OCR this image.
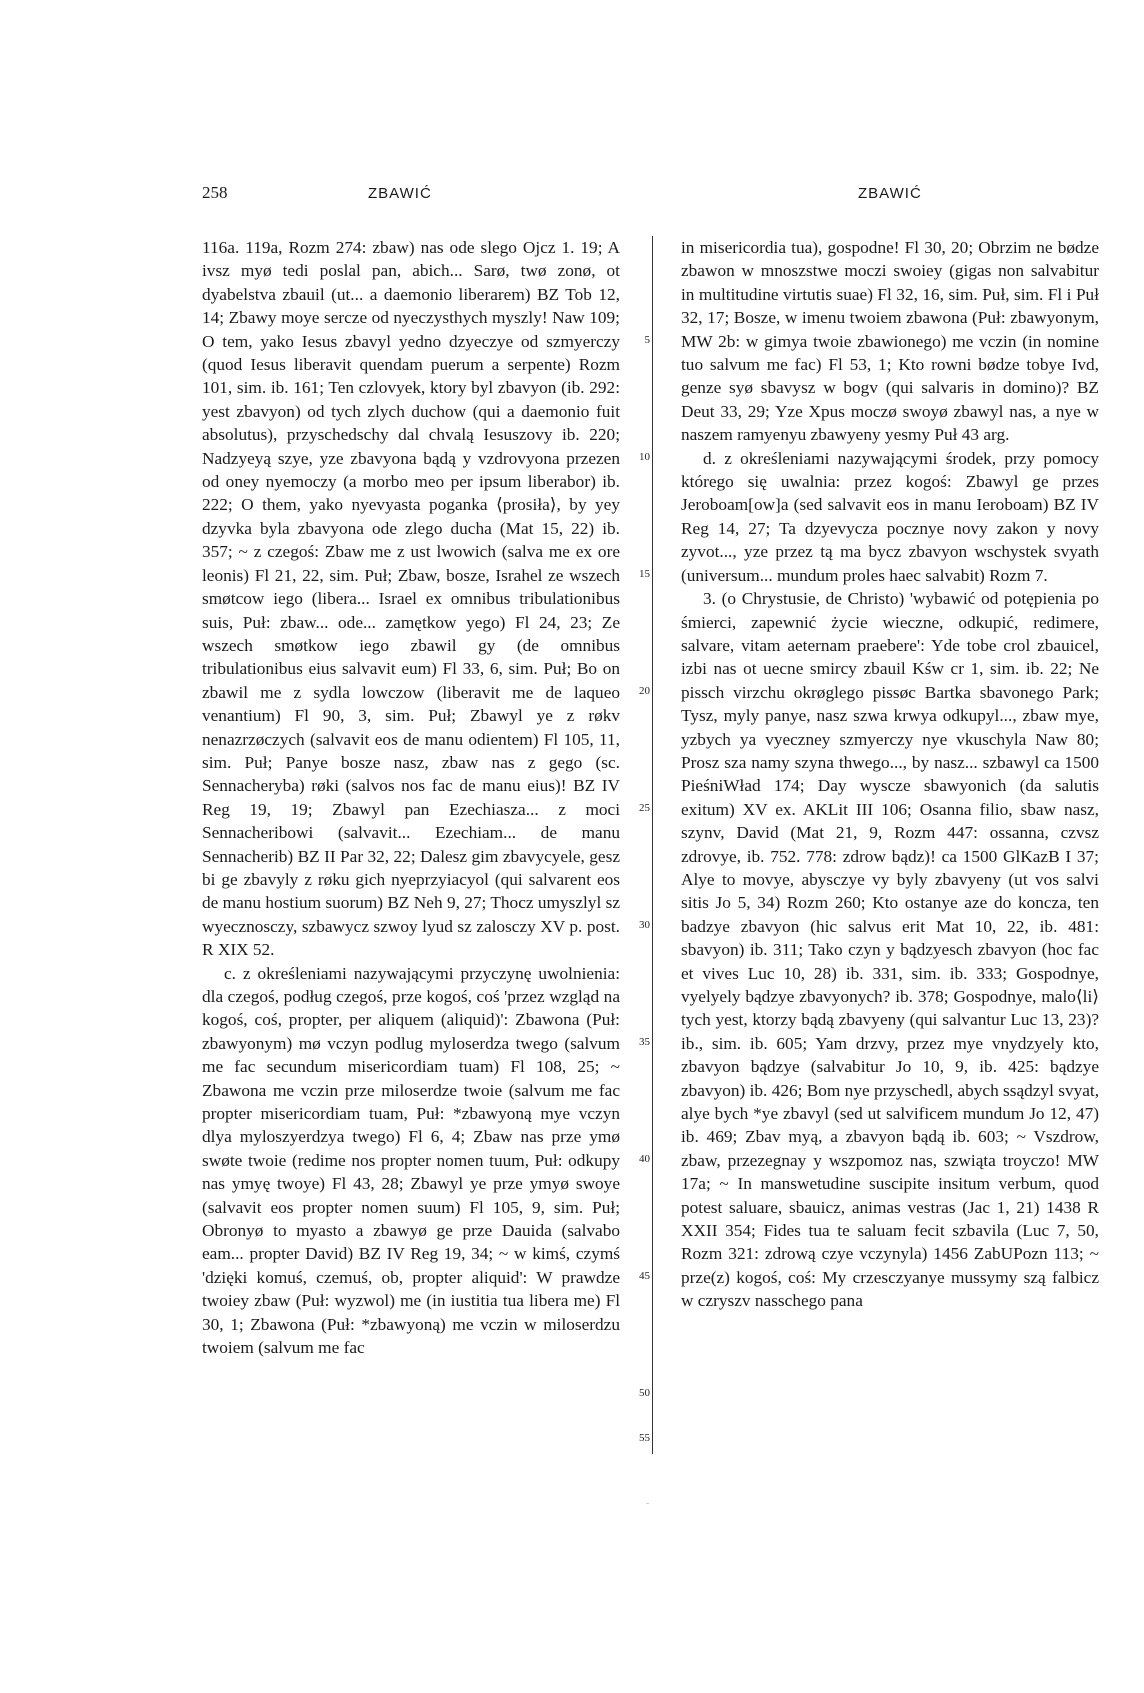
258	ZBAWIĆ	ZBAWIĆ

116a. 119a, Rozm 274: zbaw) nas ode slego Ojcz 1. 19; A ivsz myø tedi poslal pan, abich... Sarø, twø zonø, ot dyabelstva zbauil (ut... a daemonio liberarem) BZ Tob 12, 14; Zbawy moye sercze od nyeczysthych myszly! Naw 109; O tem, yako Iesus zbavyl yedno dzyeczye od szmyerczy (quod Iesus liberavit quendam puerum a serpente) Rozm 101, sim. ib. 161; Ten czlovyek, ktory byl zbavyon (ib. 292: yest zbavyon) od tych zlych duchow (qui a daemonio fuit absolutus), przyschedschy dal chvalą Iesuszovy ib. 220; Nadzyeyą szye, yze zbavyona bądą y vzdrovyona przezen od oney nyemoczy (a morbo meo per ipsum liberabor) ib. 222; O them, yako nyevyasta poganka ⟨prosiła⟩, by yey dzyvka byla zbavyona ode zlego ducha (Mat 15, 22) ib. 357; ~ z czegoś: Zbaw me z ust lwowich (salva me ex ore leonis) Fl 21, 22, sim. Puł; Zbaw, bosze, Israhel ze wszech smøtcow iego (libera... Israel ex omnibus tribulationibus suis, Puł: zbaw... ode... zamętkow yego) Fl 24, 23; Ze wszech smøtkow iego zbawil gy (de omnibus tribulationibus eius salvavit eum) Fl 33, 6, sim. Puł; Bo on zbawil me z sydla lowczow (liberavit me de laqueo venantium) Fl 90, 3, sim. Puł; Zbawyl ye z røkv nenazrzøczych (salvavit eos de manu odientem) Fl 105, 11, sim. Puł; Panye bosze nasz, zbaw nas z gego (sc. Sennacheryba) røki (salvos nos fac de manu eius)! BZ IV Reg 19, 19; Zbawyl pan Ezechiasza... z moci Sennacheribowi (salvavit... Ezechiam... de manu Sennacherib) BZ II Par 32, 22; Dalesz gim zbavycyele, gesz bi ge zbavyly z røku gich nyeprzyiacyol (qui salvarent eos de manu hostium suorum) BZ Neh 9, 27; Thocz umyszlyl sz wyecznosczy, szbawycz szwoy lyud sz zalosczy XV p. post. R XIX 52.

c. z określeniami nazywającymi przyczynę uwolnienia: dla czegoś, podług czegoś, prze kogoś, coś 'przez wzgląd na kogoś, coś, propter, per aliquem (aliquid)': Zbawona (Puł: zbawyonym) mø vczyn podlug myloserdza twego (salvum me fac secundum misericordiam tuam) Fl 108, 25; ~ Zbawona me vczin prze miloserdze twoie (salvum me fac propter misericordiam tuam, Puł: *zbawyoną mye vczyn dlya myloszyerdzya twego) Fl 6, 4; Zbaw nas prze ymø swøte twoie (redime nos propter nomen tuum, Puł: odkupy nas ymyę twoye) Fl 43, 28; Zbawyl ye prze ymyø swoye (salvavit eos propter nomen suum) Fl 105, 9, sim. Puł; Obronyø to myasto a zbawyø ge prze Dauida (salvabo eam... propter David) BZ IV Reg 19, 34; ~ w kimś, czymś 'dzięki komuś, czemuś, ob, propter aliquid': W prawdze twoiey zbaw (Puł: wyzwol) me (in iustitia tua libera me) Fl 30, 1; Zbawona (Puł: *zbawyoną) me vczin w miloserdzu twoiem (salvum me fac

5
10
15
20
25
30
35
40
45
50
55

in misericordia tua), gospodne! Fl 30, 20; Obrzim ne bødze zbawon w mnoszstwe moczi swoiey (gigas non salvabitur in multitudine virtutis suae) Fl 32, 16, sim. Puł, sim. Fl i Puł 32, 17; Bosze, w imenu twoiem zbawona (Puł: zbawyonym, MW 2b: w gimya twoie zbawionego) me vczin (in nomine tuo salvum me fac) Fl 53, 1; Kto rowni bødze tobye Ivd, genze syø sbavysz w bogv (qui salvaris in domino)? BZ Deut 33, 29; Yze Xpus moczø swoyø zbawyl nas, a nye w naszem ramyenyu zbawyeny yesmy Puł 43 arg.

d. z określeniami nazywającymi środek, przy pomocy którego się uwalnia: przez kogoś: Zbawyl ge przes Jeroboam[ow]a (sed salvavit eos in manu Ieroboam) BZ IV Reg 14, 27; Ta dzyevycza pocznye novy zakon y novy zyvot..., yze przez tą ma bycz zbavyon wschystek svyath (universum... mundum proles haec salvabit) Rozm 7.

3. (o Chrystusie, de Christo) 'wybawić od potępienia po śmierci, zapewnić życie wieczne, odkupić, redimere, salvare, vitam aeternam praebere': Yde tobe crol zbauicel, izbi nas ot uecne smircy zbauil Kśw cr 1, sim. ib. 22; Ne pissch virzchu okrøglego pissøc Bartka sbavonego Park; Tysz, myly panye, nasz szwa krwya odkupyl..., zbaw mye, yzbych ya vyeczney szmyerczy nye vkuschyla Naw 80; Prosz sza namy szyna thwego..., by nasz... szbawyl ca 1500 PieśniWład 174; Day wyscze sbawyonich (da salutis exitum) XV ex. AKLit III 106; Osanna filio, sbaw nasz, szynv, David (Mat 21, 9, Rozm 447: ossanna, czvsz zdrovye, ib. 752. 778: zdrow bądz)! ca 1500 GlKazB I 37; Alye to movye, abysczye vy byly zbavyeny (ut vos salvi sitis Jo 5, 34) Rozm 260; Kto ostanye aze do koncza, ten badzye zbavyon (hic salvus erit Mat 10, 22, ib. 481: sbavyon) ib. 311; Tako czyn y bądzyesch zbavyon (hoc fac et vives Luc 10, 28) ib. 331, sim. ib. 333; Gospodnye, vyelyely bądzye zbavyonych? ib. 378; Gospodnye, malo⟨li⟩ tych yest, ktorzy bądą zbavyeny (qui salvantur Luc 13, 23)? ib., sim. ib. 605; Yam drzvy, przez mye vnydzyely kto, zbavyon bądzye (salvabitur Jo 10, 9, ib. 425: bądzye zbavyon) ib. 426; Bom nye przyschedl, abych ssądzyl svyat, alye bych *ye zbavyl (sed ut salvificem mundum Jo 12, 47) ib. 469; Zbav myą, a zbavyon bądą ib. 603; ~ Vszdrow, zbaw, przezegnay y wszpomoz nas, szwiąta troyczo! MW 17a; ~ In manswetudine suscipite insitum verbum, quod potest saluare, sbauicz, animas vestras (Jac 1, 21) 1438 R XXII 354; Fides tua te saluam fecit szbavila (Luc 7, 50, Rozm 321: zdrową czye vczynyla) 1456 ZabUPozn 113; ~ prze(z) kogoś, coś: My crzesczyanye mussymy szą falbicz w czryszv nasschego pana

-
